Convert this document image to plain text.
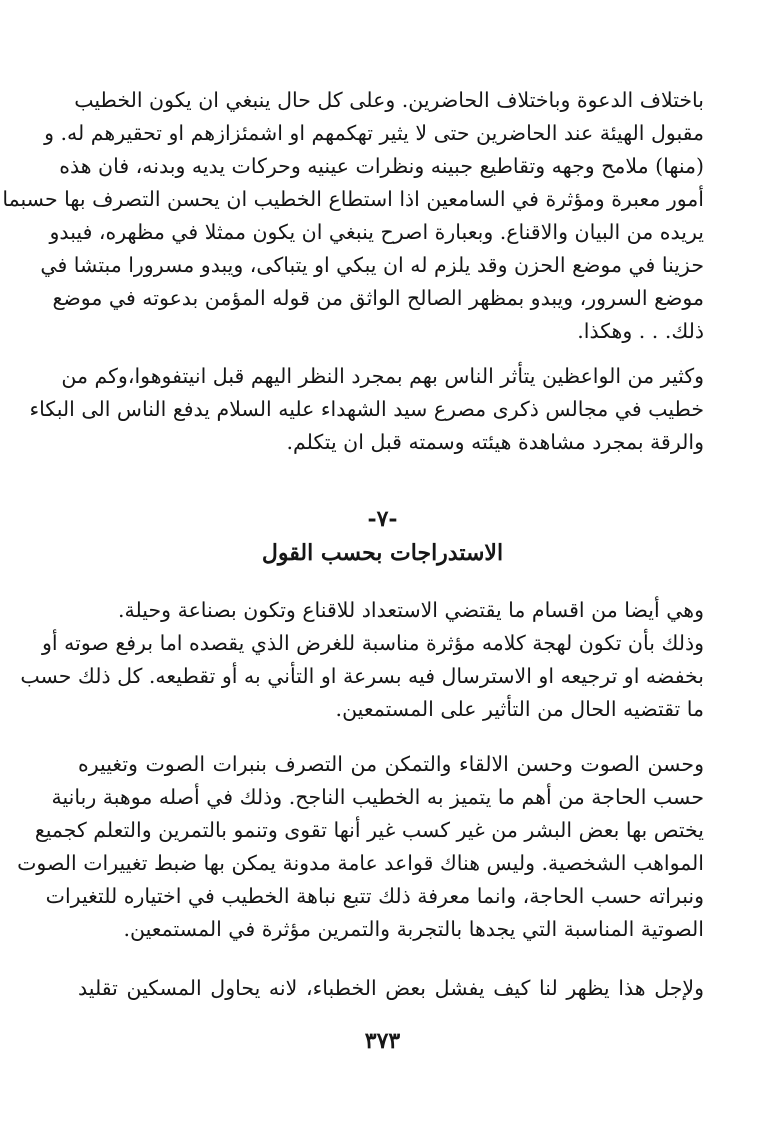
باختلاف الدعوة وباختلاف الحاضرين. وعلى كل حال ينبغي ان يكون الخطيب
مقبول الهيئة عند الحاضرين حتى لا يثير تهكمهم او اشمئزازهم او تحقيرهم له. و
(منها) ملامح وجهه وتقاطيع جبينه ونظرات عينيه وحركات يديه وبدنه، فان هذه
أمور معبرة ومؤثرة في السامعين اذا استطاع الخطيب ان يحسن التصرف بها حسبما
يريده من البيان والاقناع. وبعبارة اصرح ينبغي ان يكون ممثلا في مظهره، فيبدو
حزينا في موضع الحزن وقد يلزم له ان يبكي او يتباكى، ويبدو مسرورا مبتشا في
موضع السرور، ويبدو بمظهر الصالح الواثق من قوله المؤمن بدعوته في موضع
ذلك. . . وهكذا.
وكثير من الواعظين يتأثر الناس بهم بمجرد النظر اليهم قبل انيتفوهوا،وكم من
خطيب في مجالس ذكرى مصرع سيد الشهداء عليه السلام يدفع الناس الى البكاء
والرقة بمجرد مشاهدة هيئته وسمته قبل ان يتكلم.
-٧-
الاستدراجات بحسب القول
وهي أيضا من اقسام ما يقتضي الاستعداد للاقناع وتكون بصناعة وحيلة.
وذلك بأن تكون لهجة كلامه مؤثرة مناسبة للغرض الذي يقصده اما برفع صوته أو
بخفضه او ترجيعه او الاسترسال فيه بسرعة او التأني به أو تقطيعه. كل ذلك حسب
ما تقتضيه الحال من التأثير على المستمعين.
وحسن الصوت وحسن الالقاء والتمكن من التصرف بنبرات الصوت وتغييره
حسب الحاجة من أهم ما يتميز به الخطيب الناجح. وذلك في أصله موهبة ربانية
يختص بها بعض البشر من غير كسب غير أنها تقوى وتنمو بالتمرين والتعلم كجميع
المواهب الشخصية. وليس هناك قواعد عامة مدونة يمكن بها ضبط تغييرات الصوت
ونبراته حسب الحاجة، وانما معرفة ذلك تتبع نباهة الخطيب في اختياره للتغيرات
الصوتية المناسبة التي يجدها بالتجربة والتمرين مؤثرة في المستمعين.
ولإجل هذا يظهر لنا كيف يفشل بعض الخطباء، لانه يحاول المسكين تقليد
٣٧٣
